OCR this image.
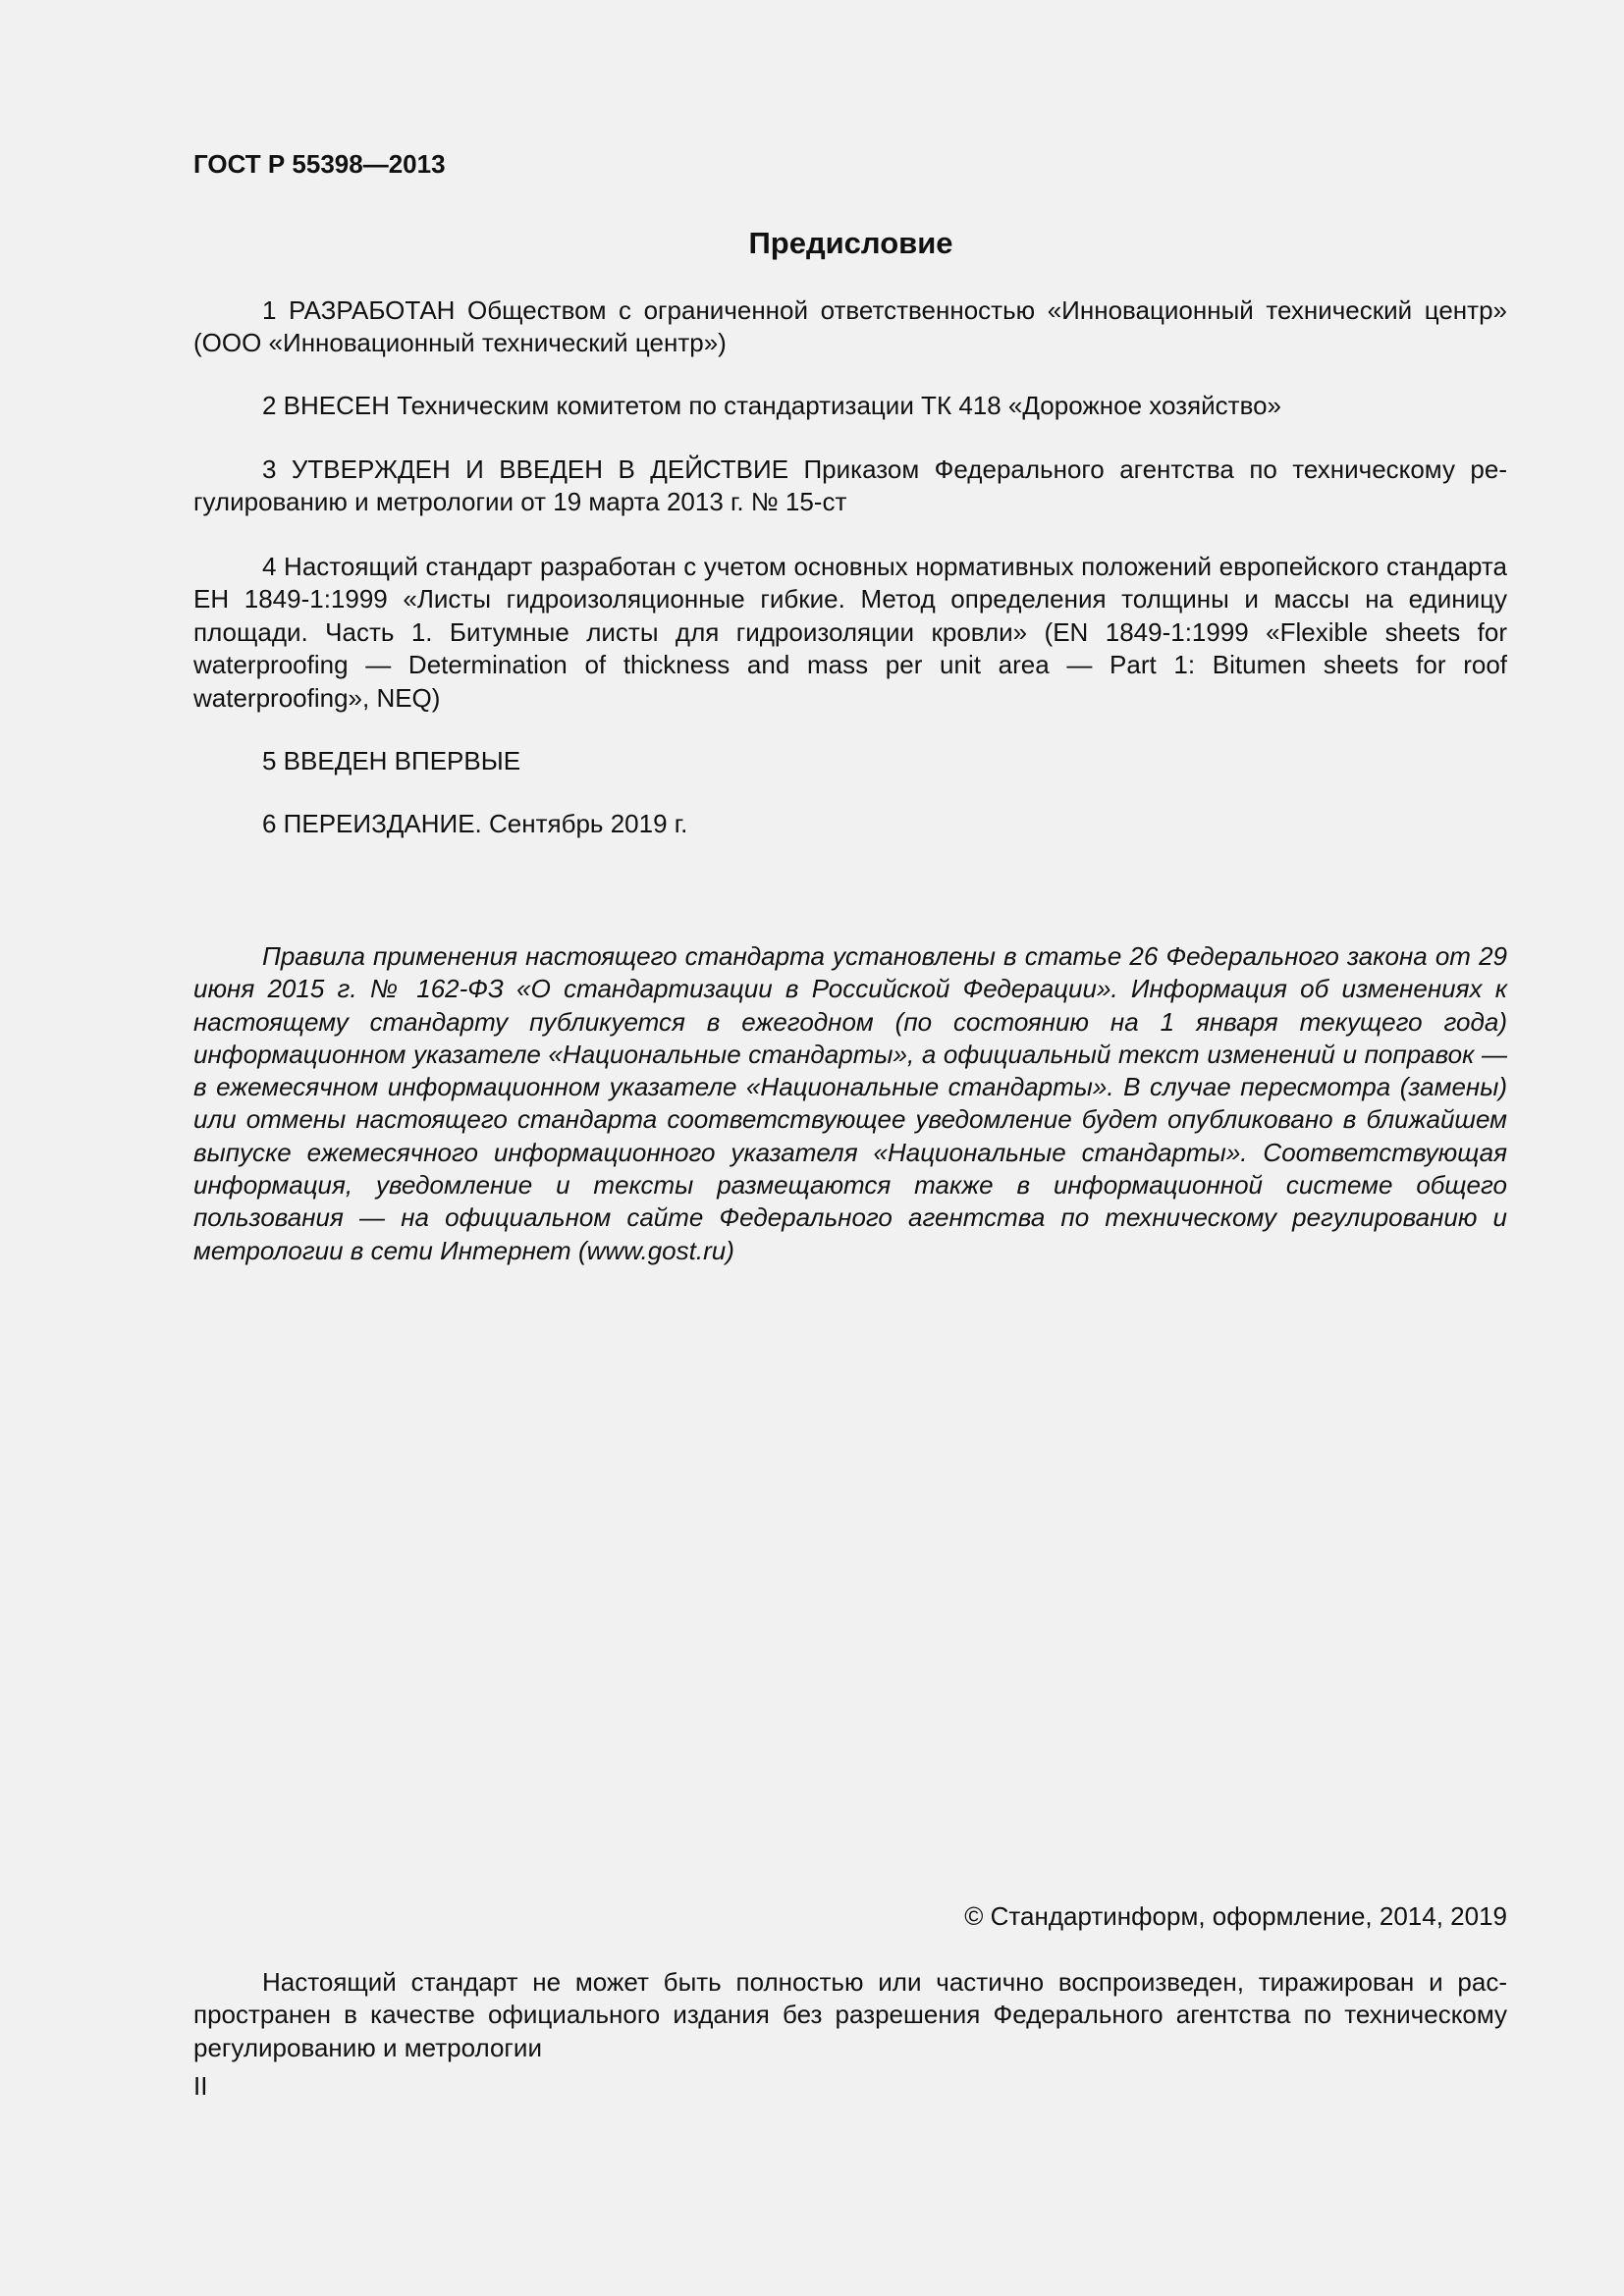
ГОСТ Р 55398—2013
Предисловие
1 РАЗРАБОТАН Обществом с ограниченной ответственностью «Инновационный технический центр» (ООО «Инновационный технический центр»)
2 ВНЕСЕН Техническим комитетом по стандартизации ТК 418 «Дорожное хозяйство»
3 УТВЕРЖДЕН И ВВЕДЕН В ДЕЙСТВИЕ Приказом Федерального агентства по техническому регулированию и метрологии от 19 марта 2013 г. № 15-ст
4 Настоящий стандарт разработан с учетом основных нормативных положений европейского стандарта ЕН 1849-1:1999 «Листы гидроизоляционные гибкие. Метод определения толщины и массы на единицу площади. Часть 1. Битумные листы для гидроизоляции кровли» (EN 1849-1:1999 «Flexible sheets for waterproofing — Determination of thickness and mass per unit area — Part 1: Bitumen sheets for roof waterproofing», NEQ)
5 ВВЕДЕН ВПЕРВЫЕ
6 ПЕРЕИЗДАНИЕ. Сентябрь 2019 г.
Правила применения настоящего стандарта установлены в статье 26 Федерального закона от 29 июня 2015 г. № 162-ФЗ «О стандартизации в Российской Федерации». Информация об изменениях к настоящему стандарту публикуется в ежегодном (по состоянию на 1 января текущего года) информационном указателе «Национальные стандарты», а официальный текст изменений и поправок — в ежемесячном информационном указателе «Национальные стандарты». В случае пересмотра (замены) или отмены настоящего стандарта соответствующее уведомление будет опубликовано в ближайшем выпуске ежемесячного информационного указателя «Национальные стандарты». Соответствующая информация, уведомление и тексты размещаются также в информационной системе общего пользования — на официальном сайте Федерального агентства по техническому регулированию и метрологии в сети Интернет (www.gost.ru)
© Стандартинформ, оформление, 2014, 2019
Настоящий стандарт не может быть полностью или частично воспроизведен, тиражирован и распространен в качестве официального издания без разрешения Федерального агентства по техническому регулированию и метрологии
II
